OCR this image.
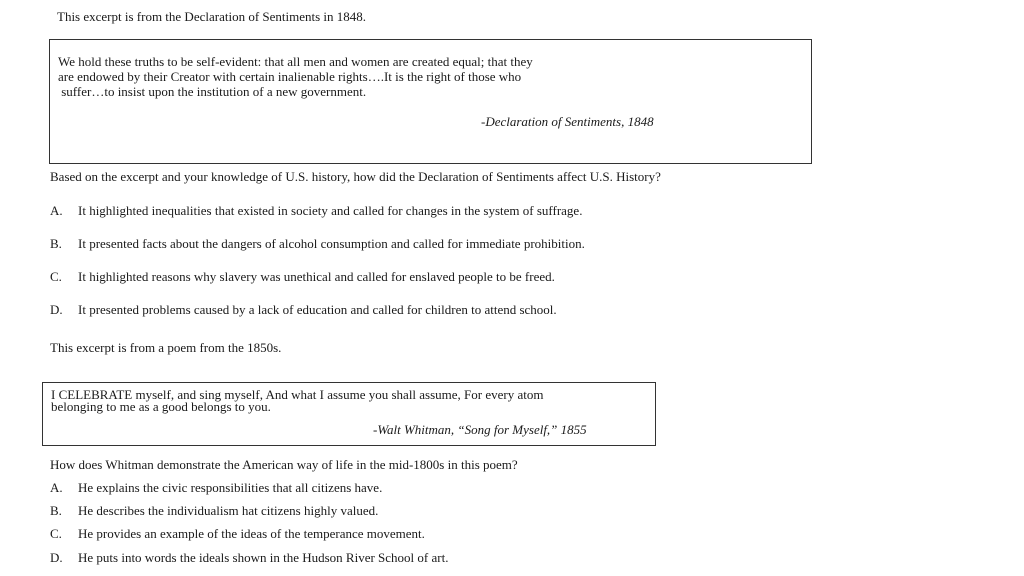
This excerpt is from the Declaration of Sentiments in 1848.
We hold these truths to be self-evident: that all men and women are created equal; that they
are endowed by their Creator with certain inalienable rights….It is the right of those who
suffer…to insist upon the institution of a new government.
-Declaration of Sentiments, 1848
Based on the excerpt and your knowledge of U.S. history, how did the Declaration of Sentiments affect U.S. History?
A. It highlighted inequalities that existed in society and called for changes in the system of suffrage.
B. It presented facts about the dangers of alcohol consumption and called for immediate prohibition.
C. It highlighted reasons why slavery was unethical and called for enslaved people to be freed.
D. It presented problems caused by a lack of education and called for children to attend school.
This excerpt is from a poem from the 1850s.
I CELEBRATE myself, and sing myself, And what I assume you shall assume, For every atom
belonging to me as a good belongs to you.
-Walt Whitman, “Song for Myself,” 1855
How does Whitman demonstrate the American way of life in the mid-1800s in this poem?
A. He explains the civic responsibilities that all citizens have.
B. He describes the individualism hat citizens highly valued.
C. He provides an example of the ideas of the temperance movement.
D. He puts into words the ideals shown in the Hudson River School of art.
